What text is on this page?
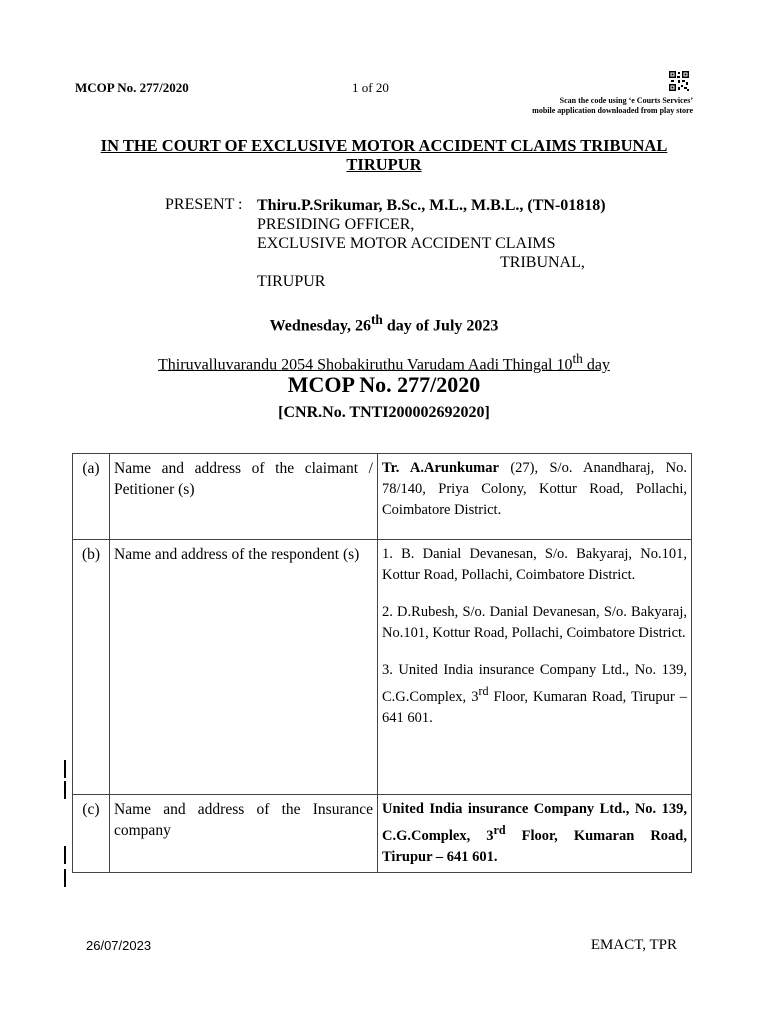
MCOP No. 277/2020	1 of 20
Scan the code using ‘e Courts Services’
mobile application downloaded from play store
IN THE COURT OF EXCLUSIVE MOTOR ACCIDENT CLAIMS TRIBUNAL
TIRUPUR
PRESENT : Thiru.P.Srikumar, B.Sc., M.L., M.B.L., (TN-01818)
PRESIDING OFFICER,
EXCLUSIVE MOTOR ACCIDENT CLAIMS
TRIBUNAL,
TIRUPUR
Wednesday, 26th day of July 2023
Thiruvalluvarandu 2054 Shobakiruthu Varudam Aadi Thingal 10th day
MCOP No. 277/2020
[CNR.No. TNTI200002692020]
(a)	Name and address of the claimant / Petitioner (s)	Tr. A.Arunkumar (27), S/o. Anandharaj, No. 78/140, Priya Colony, Kottur Road, Pollachi, Coimbatore District.
(b)	Name and address of the respondent (s)	1. B. Danial Devanesan, S/o. Bakyaraj, No.101, Kottur Road, Pollachi, Coimbatore District.

2. D.Rubesh, S/o. Danial Devanesan, S/o. Bakyaraj, No.101, Kottur Road, Pollachi, Coimbatore District.

3. United India insurance Company Ltd., No. 139, C.G.Complex, 3rd Floor, Kumaran Road, Tirupur – 641 601.

(c)	Name and address of the Insurance company	United India insurance Company Ltd., No. 139, C.G.Complex, 3rd Floor, Kumaran Road, Tirupur – 641 601.
26/07/2023	EMACT, TPR
